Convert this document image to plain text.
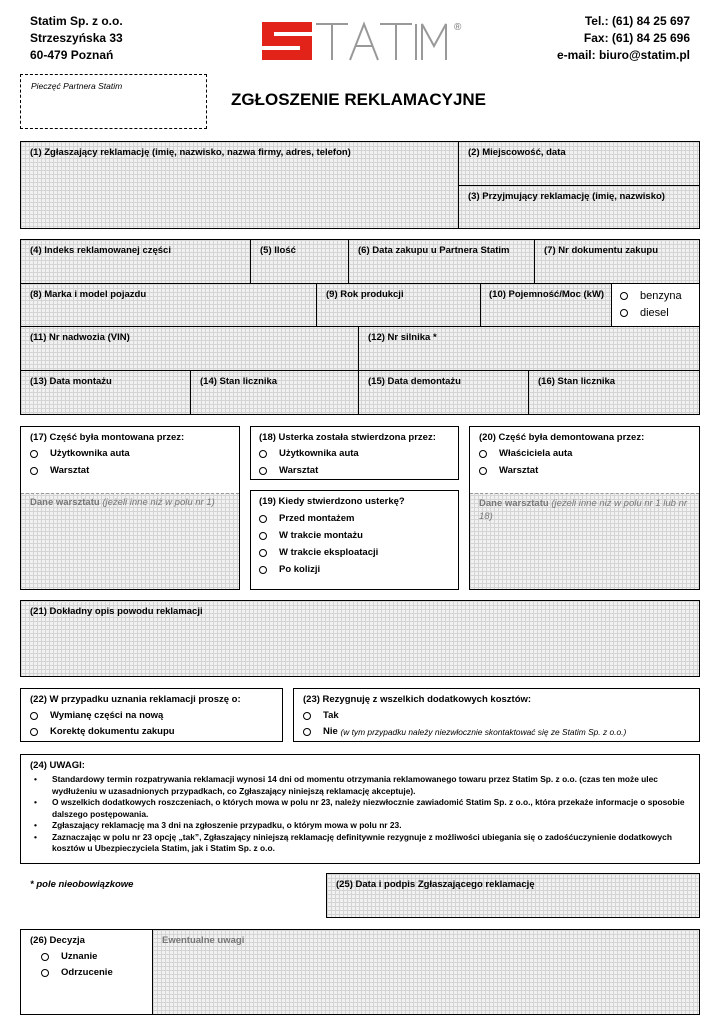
Statim Sp. z o.o.
Strzeszyńska 33
60-479 Poznań
®	Tel.: (61) 84 25 697
Fax: (61) 84 25 696
e-mail: biuro@statim.pl
Pieczęć Partnera Statim
ZGŁOSZENIE REKLAMACYJNE
(1) Zgłaszający reklamację (imię, nazwisko, nazwa firmy, adres, telefon)	(2) Miejscowość, data
(3) Przyjmujący reklamację (imię, nazwisko)
(4) Indeks reklamowanej części	(5) Ilość	(6) Data zakupu u Partnera Statim	(7) Nr dokumentu zakupu
(8) Marka i model pojazdu	(9) Rok produkcji	(10) Pojemność/Moc (kW)	benzyna
diesel
(11) Nr nadwozia (VIN)	(12) Nr silnika *
(13) Data montażu	(14) Stan licznika	(15) Data demontażu	(16) Stan licznika
(17) Część była montowana przez:
Użytkownika auta
Warsztat
Dane warsztatu (jeżeli inne niż w polu nr 1)
(18) Usterka została stwierdzona przez:
Użytkownika auta
Warsztat
(19) Kiedy stwierdzono usterkę?
Przed montażem
W trakcie montażu
W trakcie eksploatacji
Po kolizji
(20) Część była demontowana przez:
Właściciela auta
Warsztat
Dane warsztatu (jeżeli inne niż w polu nr 1 lub nr 18)
(21) Dokładny opis powodu reklamacji
(22) W przypadku uznania reklamacji proszę o:
Wymianę części na nową
Korektę dokumentu zakupu
(23) Rezygnuję z wszelkich dodatkowych kosztów:
Tak
Nie
(w tym przypadku należy niezwłocznie skontaktować się ze Statim Sp. z o.o.)
(24) UWAGI:
• Standardowy termin rozpatrywania reklamacji wynosi 14 dni od momentu otrzymania reklamowanego towaru przez Statim Sp. z o.o. (czas ten może ulec wydłużeniu w uzasadnionych przypadkach, co Zgłaszający niniejszą reklamację akceptuje).
• O wszelkich dodatkowych roszczeniach, o których mowa w polu nr 23, należy niezwłocznie zawiadomić Statim Sp. z o.o., która przekaże informacje o sposobie dalszego postępowania.
• Zgłaszający reklamację ma 3 dni na zgłoszenie przypadku, o którym mowa w polu nr 23.
• Zaznaczając w polu nr 23 opcję „tak”, Zgłaszający niniejszą reklamację definitywnie rezygnuje z możliwości ubiegania się o zadośćuczynienie dodatkowych kosztów u Ubezpieczyciela Statim, jak i Statim Sp. z o.o.
* pole nieobowiązkowe	(25) Data i podpis Zgłaszającego reklamację
(26) Decyzja
Uznanie
Odrzucenie
Ewentualne uwagi
